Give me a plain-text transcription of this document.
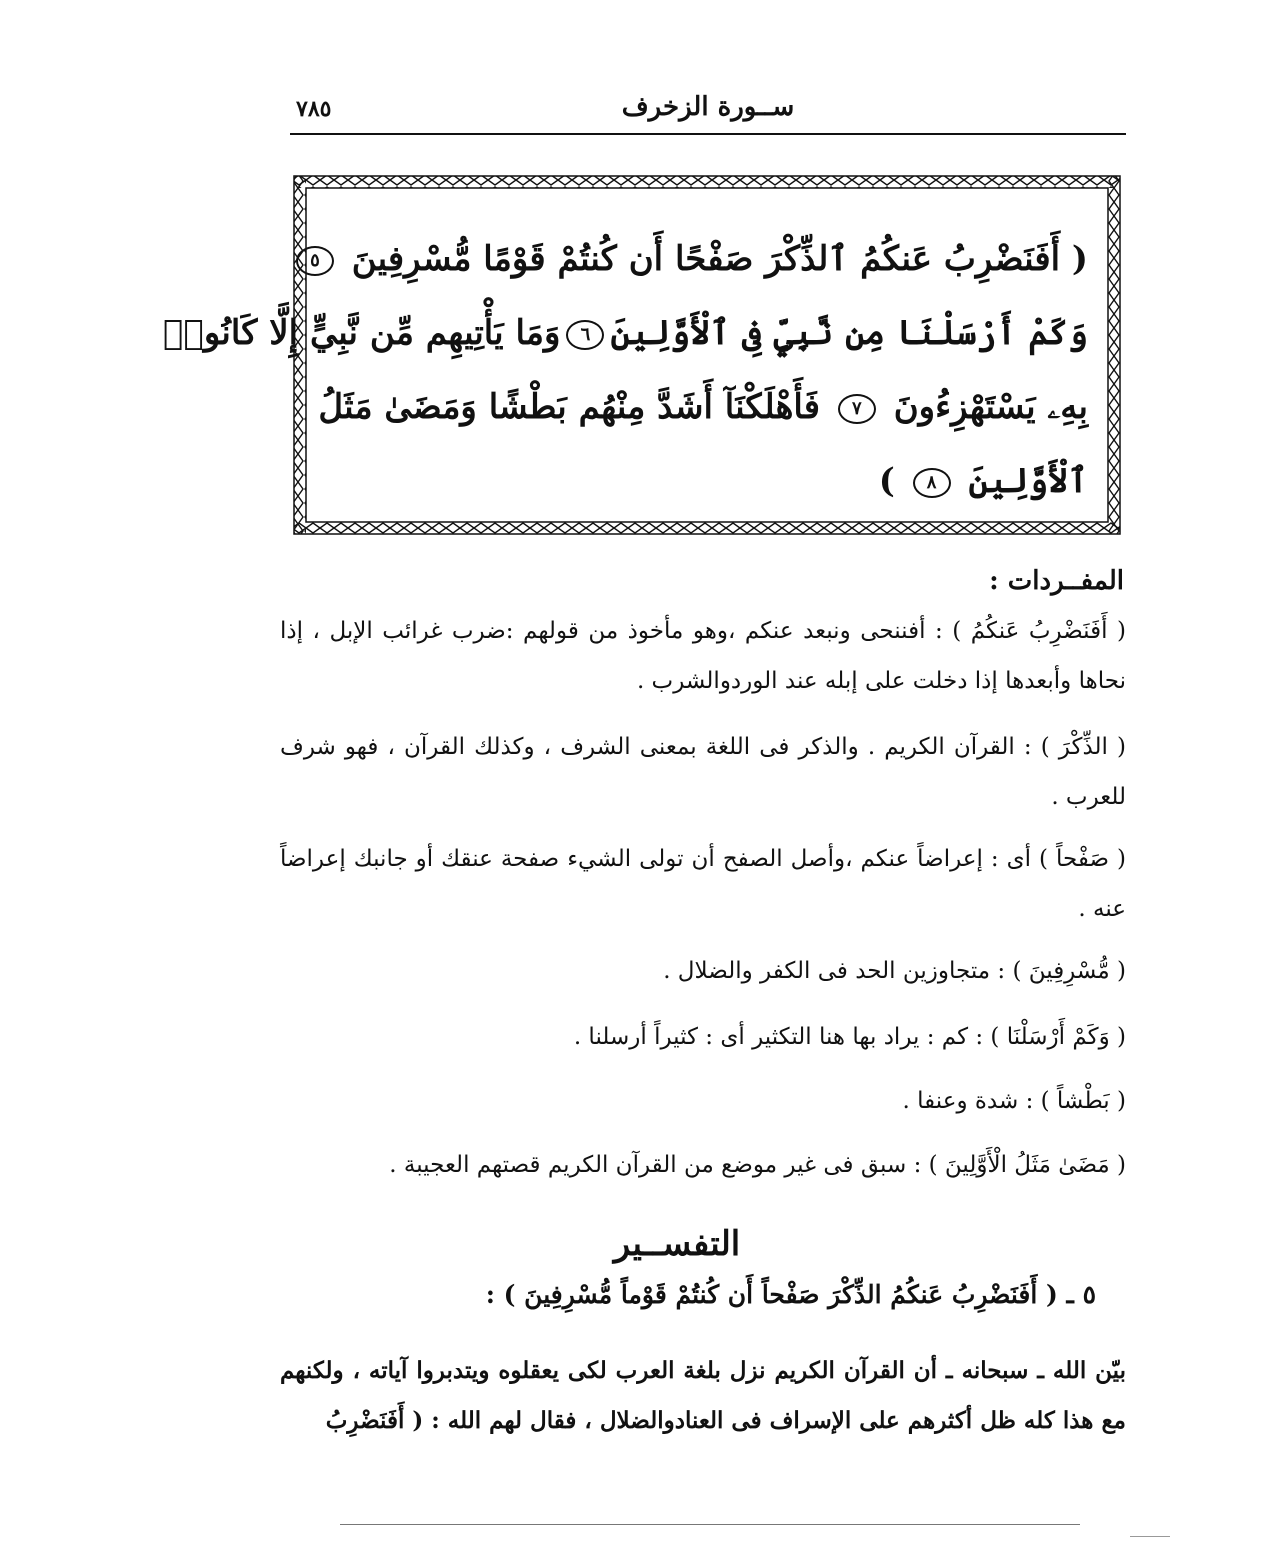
ســورة الزخرف
٧٨٥
( أَفَنَضْرِبُ عَنكُمُ ٱلذِّكْرَ صَفْحًا أَن كُنتُمْ قَوْمًا مُّسْرِفِينَ ٥
وَكَمْ أَرْسَلْنَا مِن نَّبِيٍّ فِى ٱلْأَوَّلِينَ٦وَمَا يَأْتِيهِم مِّن نَّبِيٍّ إِلَّا كَانُوا۟
بِهِۦ يَسْتَهْزِءُونَ ٧ فَأَهْلَكْنَآ أَشَدَّ مِنْهُم بَطْشًا وَمَضَىٰ مَثَلُ
ٱلْأَوَّلِينَ ٨ )
المفــردات :

( أَفَنَضْرِبُ عَنكُمُ ) : أفننحى ونبعد عنكم ،وهو مأخوذ من قولهم :ضرب غرائب الإبل ، إذا نحاها وأبعدها إذا دخلت على إبله عند الوردوالشرب .

( الذِّكْرَ ) : القرآن الكريم . والذكر فى اللغة بمعنى الشرف ، وكذلك القرآن ، فهو شرف للعرب .

( صَفْحاً ) أى : إعراضاً عنكم ،وأصل الصفح أن تولى الشيء صفحة عنقك أو جانبك إعراضاً عنه .

( مُّسْرِفِينَ ) : متجاوزين الحد فى الكفر والضلال .

( وَكَمْ أَرْسَلْنَا ) : كم : يراد بها هنا التكثير أى : كثيراً أرسلنا .

( بَطْشاً ) : شدة وعنفا .

( مَضَىٰ مَثَلُ الْأَوَّلِينَ ) : سبق فى غير موضع من القرآن الكريم قصتهم العجيبة .

التفســير
٥ ـ ( أَفَنَضْرِبُ عَنكُمُ الذِّكْرَ صَفْحاً أَن كُنتُمْ قَوْماً مُّسْرِفِينَ ) :

بيّن الله ـ سبحانه ـ أن القرآن الكريم نزل بلغة العرب لكى يعقلوه ويتدبروا آياته ، ولكنهم مع هذا كله ظل أكثرهم على الإسراف فى العنادوالضلال ، فقال لهم الله : ( أَفَنَضْرِبُ
